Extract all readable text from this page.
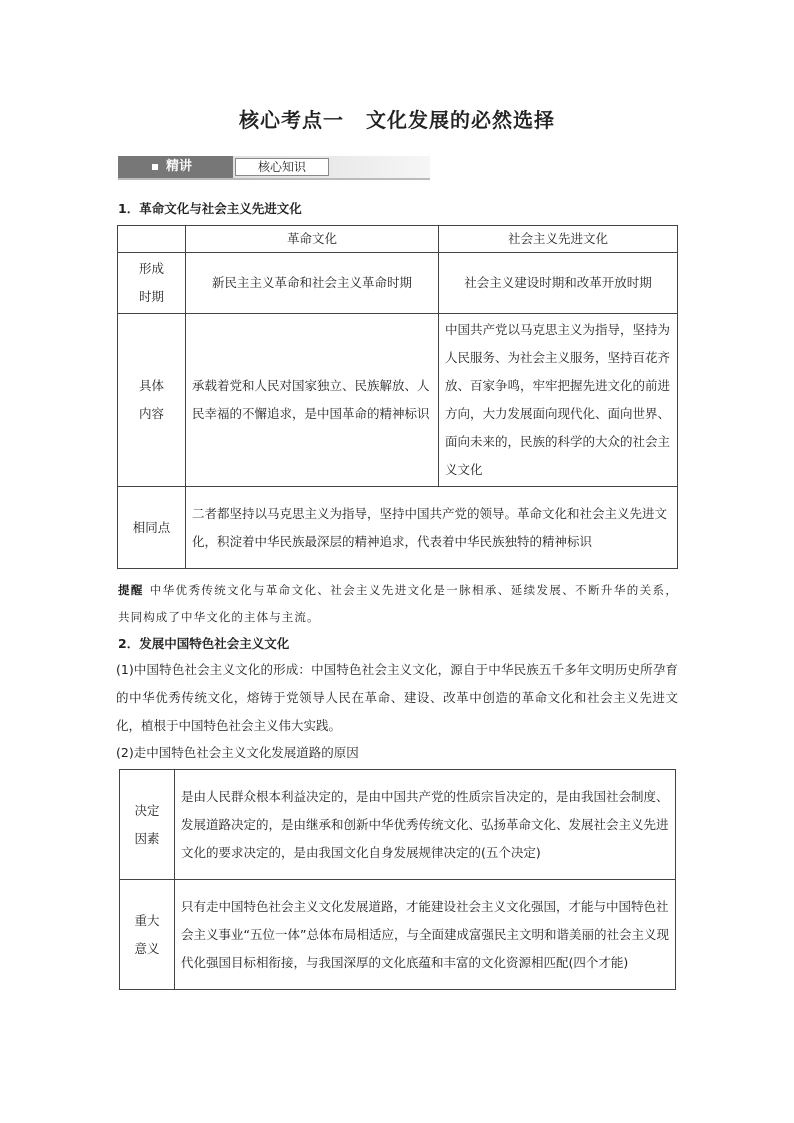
核心考点一 文化发展的必然选择
精讲	核心知识
1．革命文化与社会主义先进文化
	革命文化	社会主义先进文化
形成
时期	新民主主义革命和社会主义革命时期	社会主义建设时期和改革开放时期
具体
内容	承载着党和人民对国家独立、民族解放、人民幸福的不懈追求，是中国革命的精神标识	中国共产党以马克思主义为指导，坚持为人民服务、为社会主义服务，坚持百花齐放、百家争鸣，牢牢把握先进文化的前进方向，大力发展面向现代化、面向世界、面向未来的，民族的科学的大众的社会主义文化
相同点	二者都坚持以马克思主义为指导，坚持中国共产党的领导。革命文化和社会主义先进文化，积淀着中华民族最深层的精神追求，代表着中华民族独特的精神标识	
提醒 中华优秀传统文化与革命文化、社会主义先进文化是一脉相承、延续发展、不断升华的关系，共同构成了中华文化的主体与主流。
2．发展中国特色社会主义文化
(1)中国特色社会主义文化的形成：中国特色社会主义文化，源自于中华民族五千多年文明历史所孕育的中华优秀传统文化，熔铸于党领导人民在革命、建设、改革中创造的革命文化和社会主义先进文化，植根于中国特色社会主义伟大实践。
(2)走中国特色社会主义文化发展道路的原因
决定
因素	是由人民群众根本利益决定的，是由中国共产党的性质宗旨决定的，是由我国社会制度、发展道路决定的，是由继承和创新中华优秀传统文化、弘扬革命文化、发展社会主义先进文化的要求决定的，是由我国文化自身发展规律决定的(五个决定)
重大
意义	只有走中国特色社会主义文化发展道路，才能建设社会主义文化强国，才能与中国特色社会主义事业“五位一体”总体布局相适应，与全面建成富强民主文明和谐美丽的社会主义现代化强国目标相衔接，与我国深厚的文化底蕴和丰富的文化资源相匹配(四个才能)
